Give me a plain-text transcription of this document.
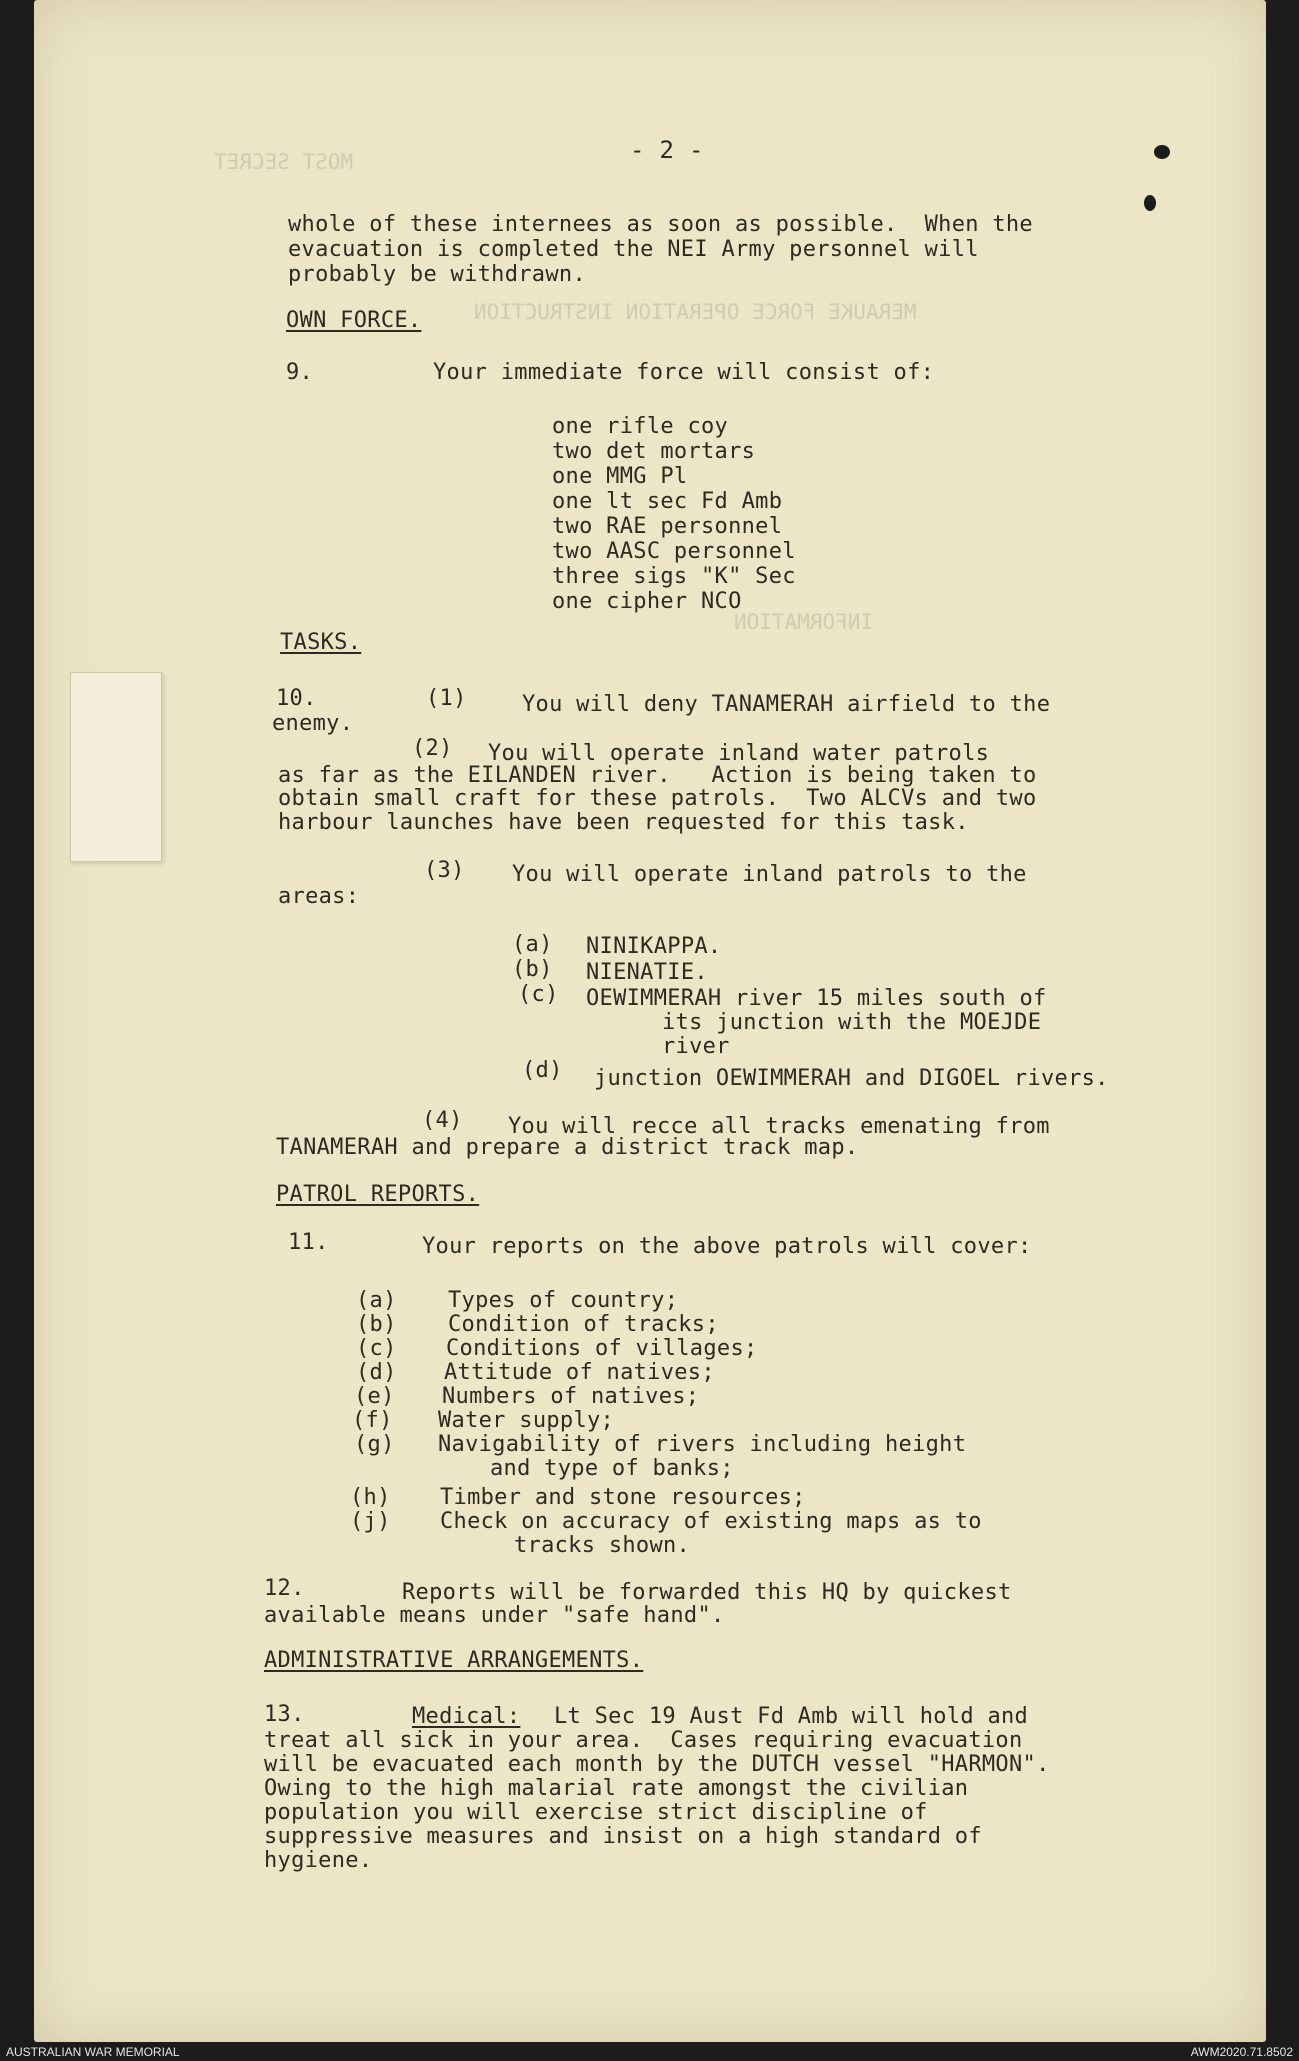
MOST SECRET
MERAUKE FORCE OPERATION INSTRUCTION
INFORMATION
- 2 -
whole of these internees as soon as possible.  When the
evacuation is completed the NEI Army personnel will
probably be withdrawn.
OWN FORCE.
9.	Your immediate force will consist of:
one rifle coy
two det mortars
one MMG Pl
one lt sec Fd Amb
two RAE personnel
two AASC personnel
three sigs "K" Sec
one cipher NCO
TASKS.
10.	(1)	You will deny TANAMERAH airfield to the
enemy.
(2) You will operate inland water patrols
as far as the EILANDEN river.   Action is being taken to
obtain small craft for these patrols.  Two ALCVs and two
harbour launches have been requested for this task.
(3) You will operate inland patrols to the
areas:
(a) NINIKAPPA.
(b) NIENATIE.
(c) OEWIMMERAH river 15 miles south of
its junction with the MOEJDE
river
(d) junction OEWIMMERAH and DIGOEL rivers.
(4) You will recce all tracks emenating from
TANAMERAH and prepare a district track map.
PATROL REPORTS.
11.	Your reports on the above patrols will cover:
(a) Types of country;
(b) Condition of tracks;
(c) Conditions of villages;
(d) Attitude of natives;
(e) Numbers of natives;
(f) Water supply;
(g) Navigability of rivers including height
and type of banks;
(h) Timber and stone resources;
(j) Check on accuracy of existing maps as to
tracks shown.
12.	Reports will be forwarded this HQ by quickest
available means under "safe hand".
ADMINISTRATIVE ARRANGEMENTS.
13.	Medical: Lt Sec 19 Aust Fd Amb will hold and
treat all sick in your area.  Cases requiring evacuation
will be evacuated each month by the DUTCH vessel "HARMON".
Owing to the high malarial rate amongst the civilian
population you will exercise strict discipline of
suppressive measures and insist on a high standard of
hygiene.
AUSTRALIAN WAR MEMORIAL	AWM2020.71.8502
